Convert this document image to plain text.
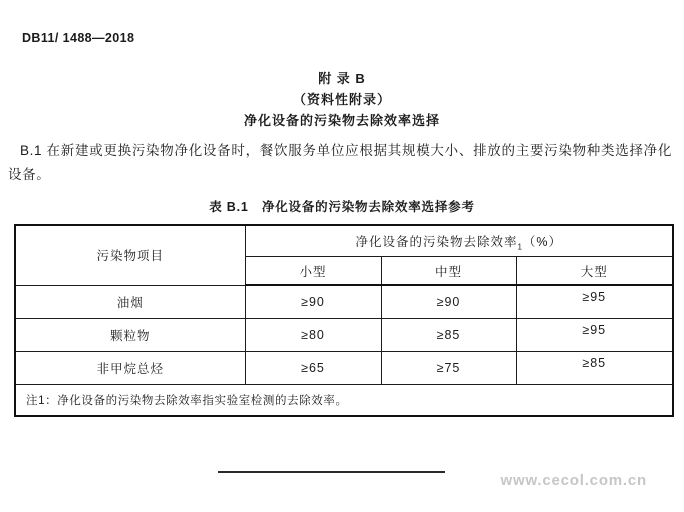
DB11/ 1488—2018
附 录 B
（资料性附录）
净化设备的污染物去除效率选择
B.1 在新建或更换污染物净化设备时，餐饮服务单位应根据其规模大小、排放的主要污染物种类选择净化设备。
表 B.1　净化设备的污染物去除效率选择参考
污染物项目	净化设备的污染物去除效率$_1$（%）		
	小型	中型	大型
油烟	≥90	≥90	≥95
颗粒物	≥80	≥85	≥95
非甲烷总烃	≥65	≥75	≥85
注1：净化设备的污染物去除效率指实验室检测的去除效率。			
www.cecol.com.cn
